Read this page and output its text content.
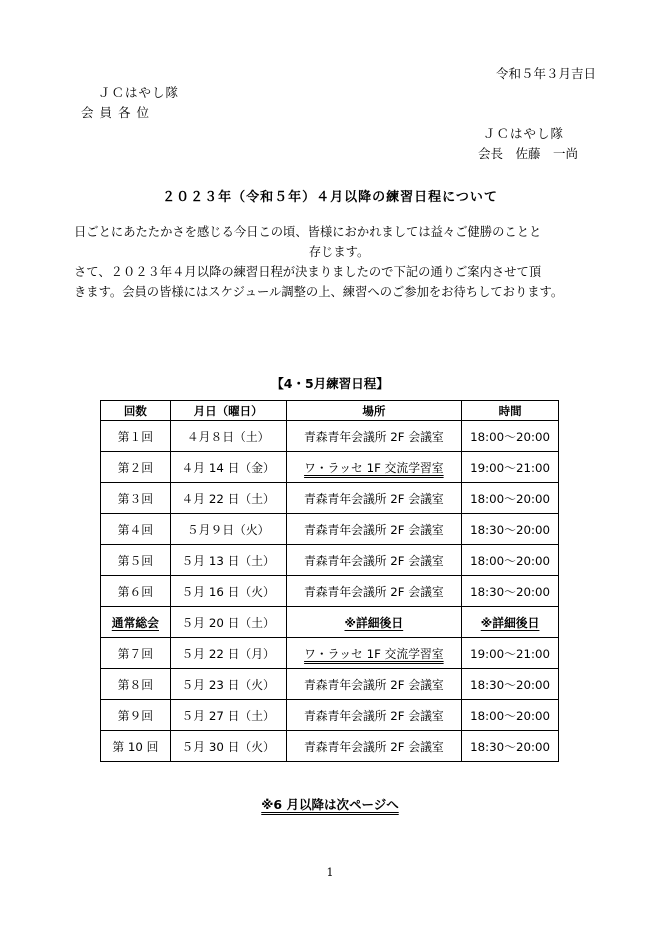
令和５年３月吉日
ＪＣはやし隊
会員各位
ＪＣはやし隊
会長　佐藤　一尚
２０２３年（令和５年）４月以降の練習日程について

日ごとにあたたかさを感じる今日この頃、皆様におかれましては益々ご健勝のことと

存じます。

さて、２０２３年４月以降の練習日程が決まりましたので下記の通りご案内させて頂

きます。会員の皆様にはスケジュール調整の上、練習へのご参加をお待ちしております。

【4・5月練習日程】
回数	月日（曜日）	場所	時間
第１回	４月８日（土）	青森青年会議所 2F 会議室	18:00～20:00
第２回	４月 14 日（金）	ワ・ラッセ 1F 交流学習室	19:00～21:00
第３回	４月 22 日（土）	青森青年会議所 2F 会議室	18:00～20:00
第４回	５月９日（火）	青森青年会議所 2F 会議室	18:30～20:00
第５回	５月 13 日（土）	青森青年会議所 2F 会議室	18:00～20:00
第６回	５月 16 日（火）	青森青年会議所 2F 会議室	18:30～20:00
通常総会	５月 20 日（土）	※詳細後日	※詳細後日
第７回	５月 22 日（月）	ワ・ラッセ 1F 交流学習室	19:00～21:00
第８回	５月 23 日（火）	青森青年会議所 2F 会議室	18:30～20:00
第９回	５月 27 日（土）	青森青年会議所 2F 会議室	18:00～20:00
第 10 回	５月 30 日（火）	青森青年会議所 2F 会議室	18:30～20:00
※6 月以降は次ページへ
1
